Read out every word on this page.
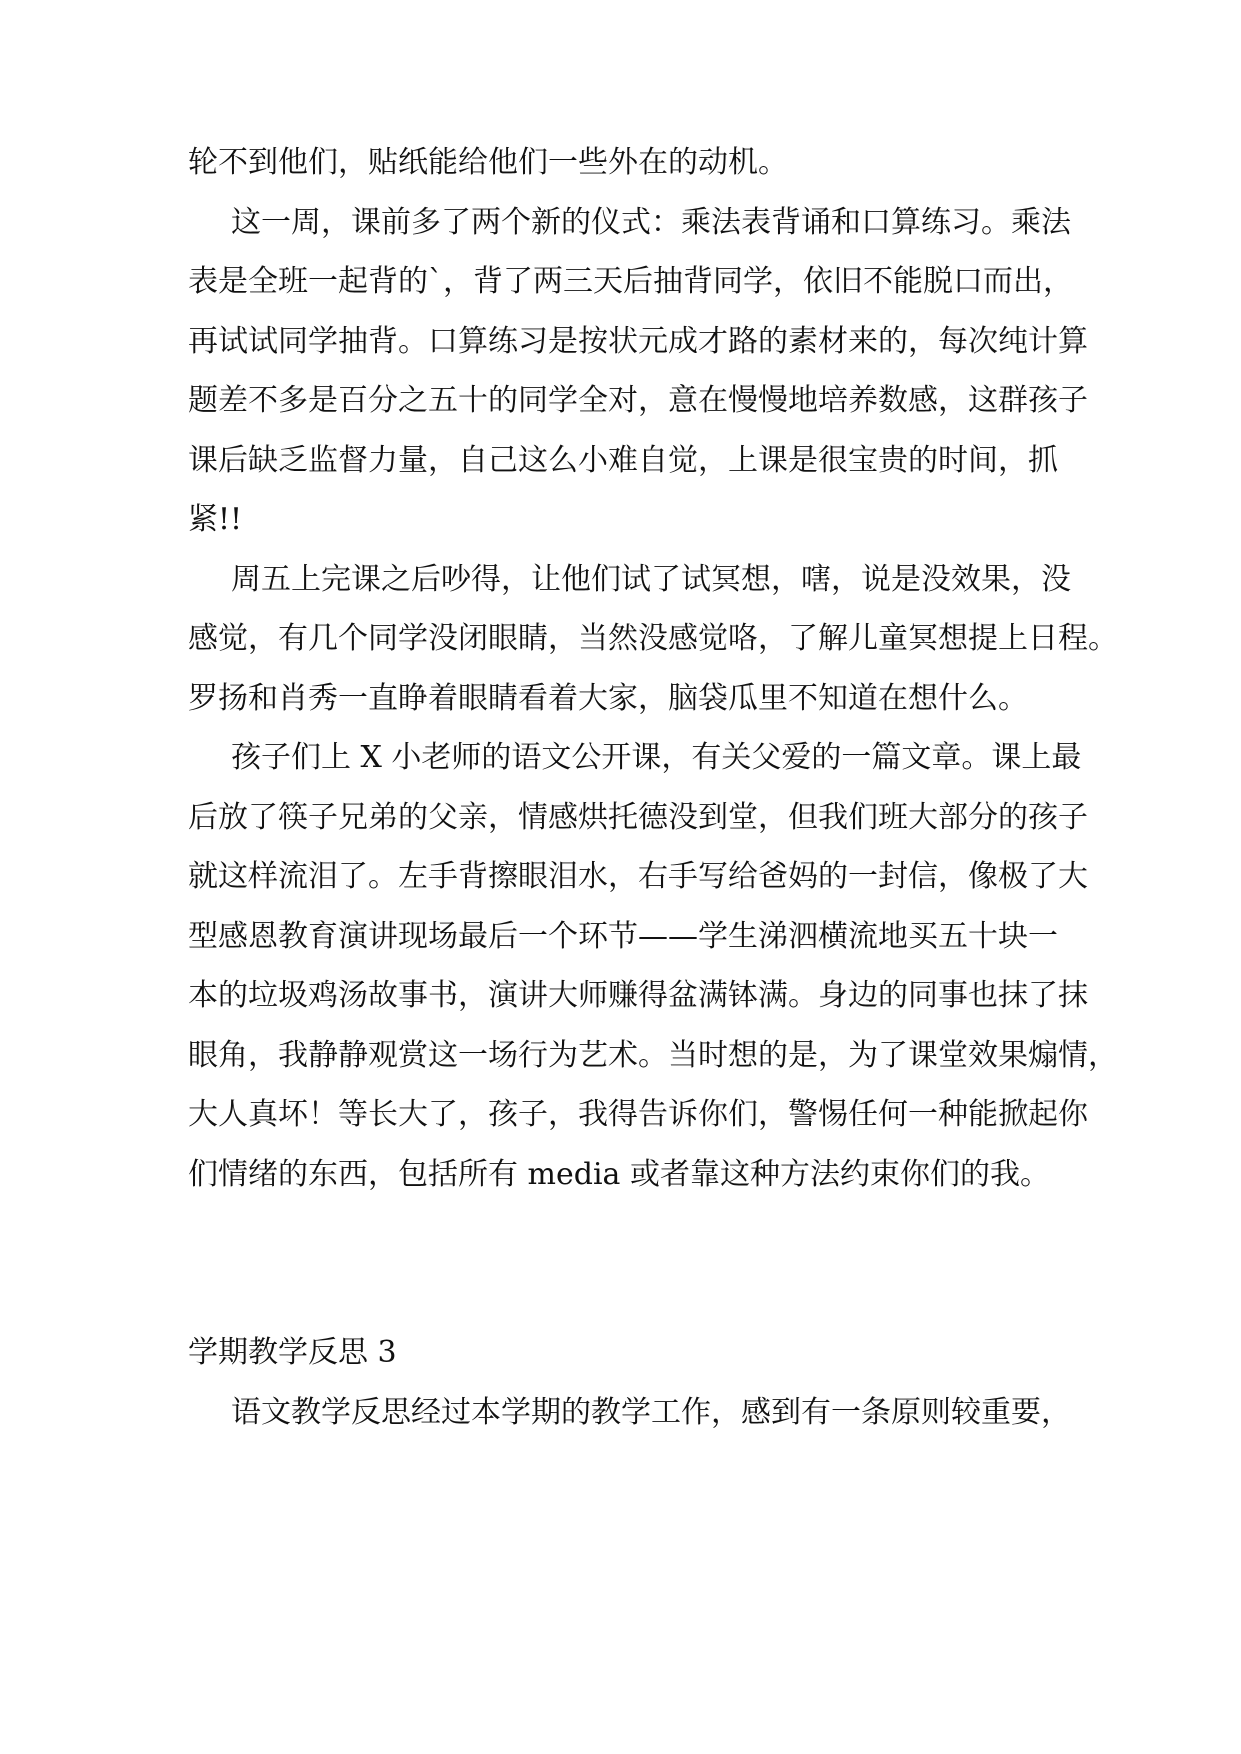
轮不到他们，贴纸能给他们一些外在的动机。
这一周，课前多了两个新的仪式：乘法表背诵和口算练习。乘法
表是全班一起背的`，背了两三天后抽背同学，依旧不能脱口而出，
再试试同学抽背。口算练习是按状元成才路的素材来的，每次纯计算
题差不多是百分之五十的同学全对，意在慢慢地培养数感，这群孩子
课后缺乏监督力量，自己这么小难自觉，上课是很宝贵的时间，抓
紧!!
周五上完课之后吵得，让他们试了试冥想，嗐，说是没效果，没
感觉，有几个同学没闭眼睛，当然没感觉咯，了解儿童冥想提上日程。
罗扬和肖秀一直睁着眼睛看着大家，脑袋瓜里不知道在想什么。
孩子们上 X 小老师的语文公开课，有关父爱的一篇文章。课上最
后放了筷子兄弟的父亲，情感烘托德没到堂，但我们班大部分的孩子
就这样流泪了。左手背擦眼泪水，右手写给爸妈的一封信，像极了大
型感恩教育演讲现场最后一个环节——学生涕泗横流地买五十块一
本的垃圾鸡汤故事书，演讲大师赚得盆满钵满。身边的同事也抹了抹
眼角，我静静观赏这一场行为艺术。当时想的是，为了课堂效果煽情，
大人真坏！等长大了，孩子，我得告诉你们，警惕任何一种能掀起你
们情绪的东西，包括所有 media 或者靠这种方法约束你们的我。
学期教学反思 3
语文教学反思经过本学期的教学工作，感到有一条原则较重要，
